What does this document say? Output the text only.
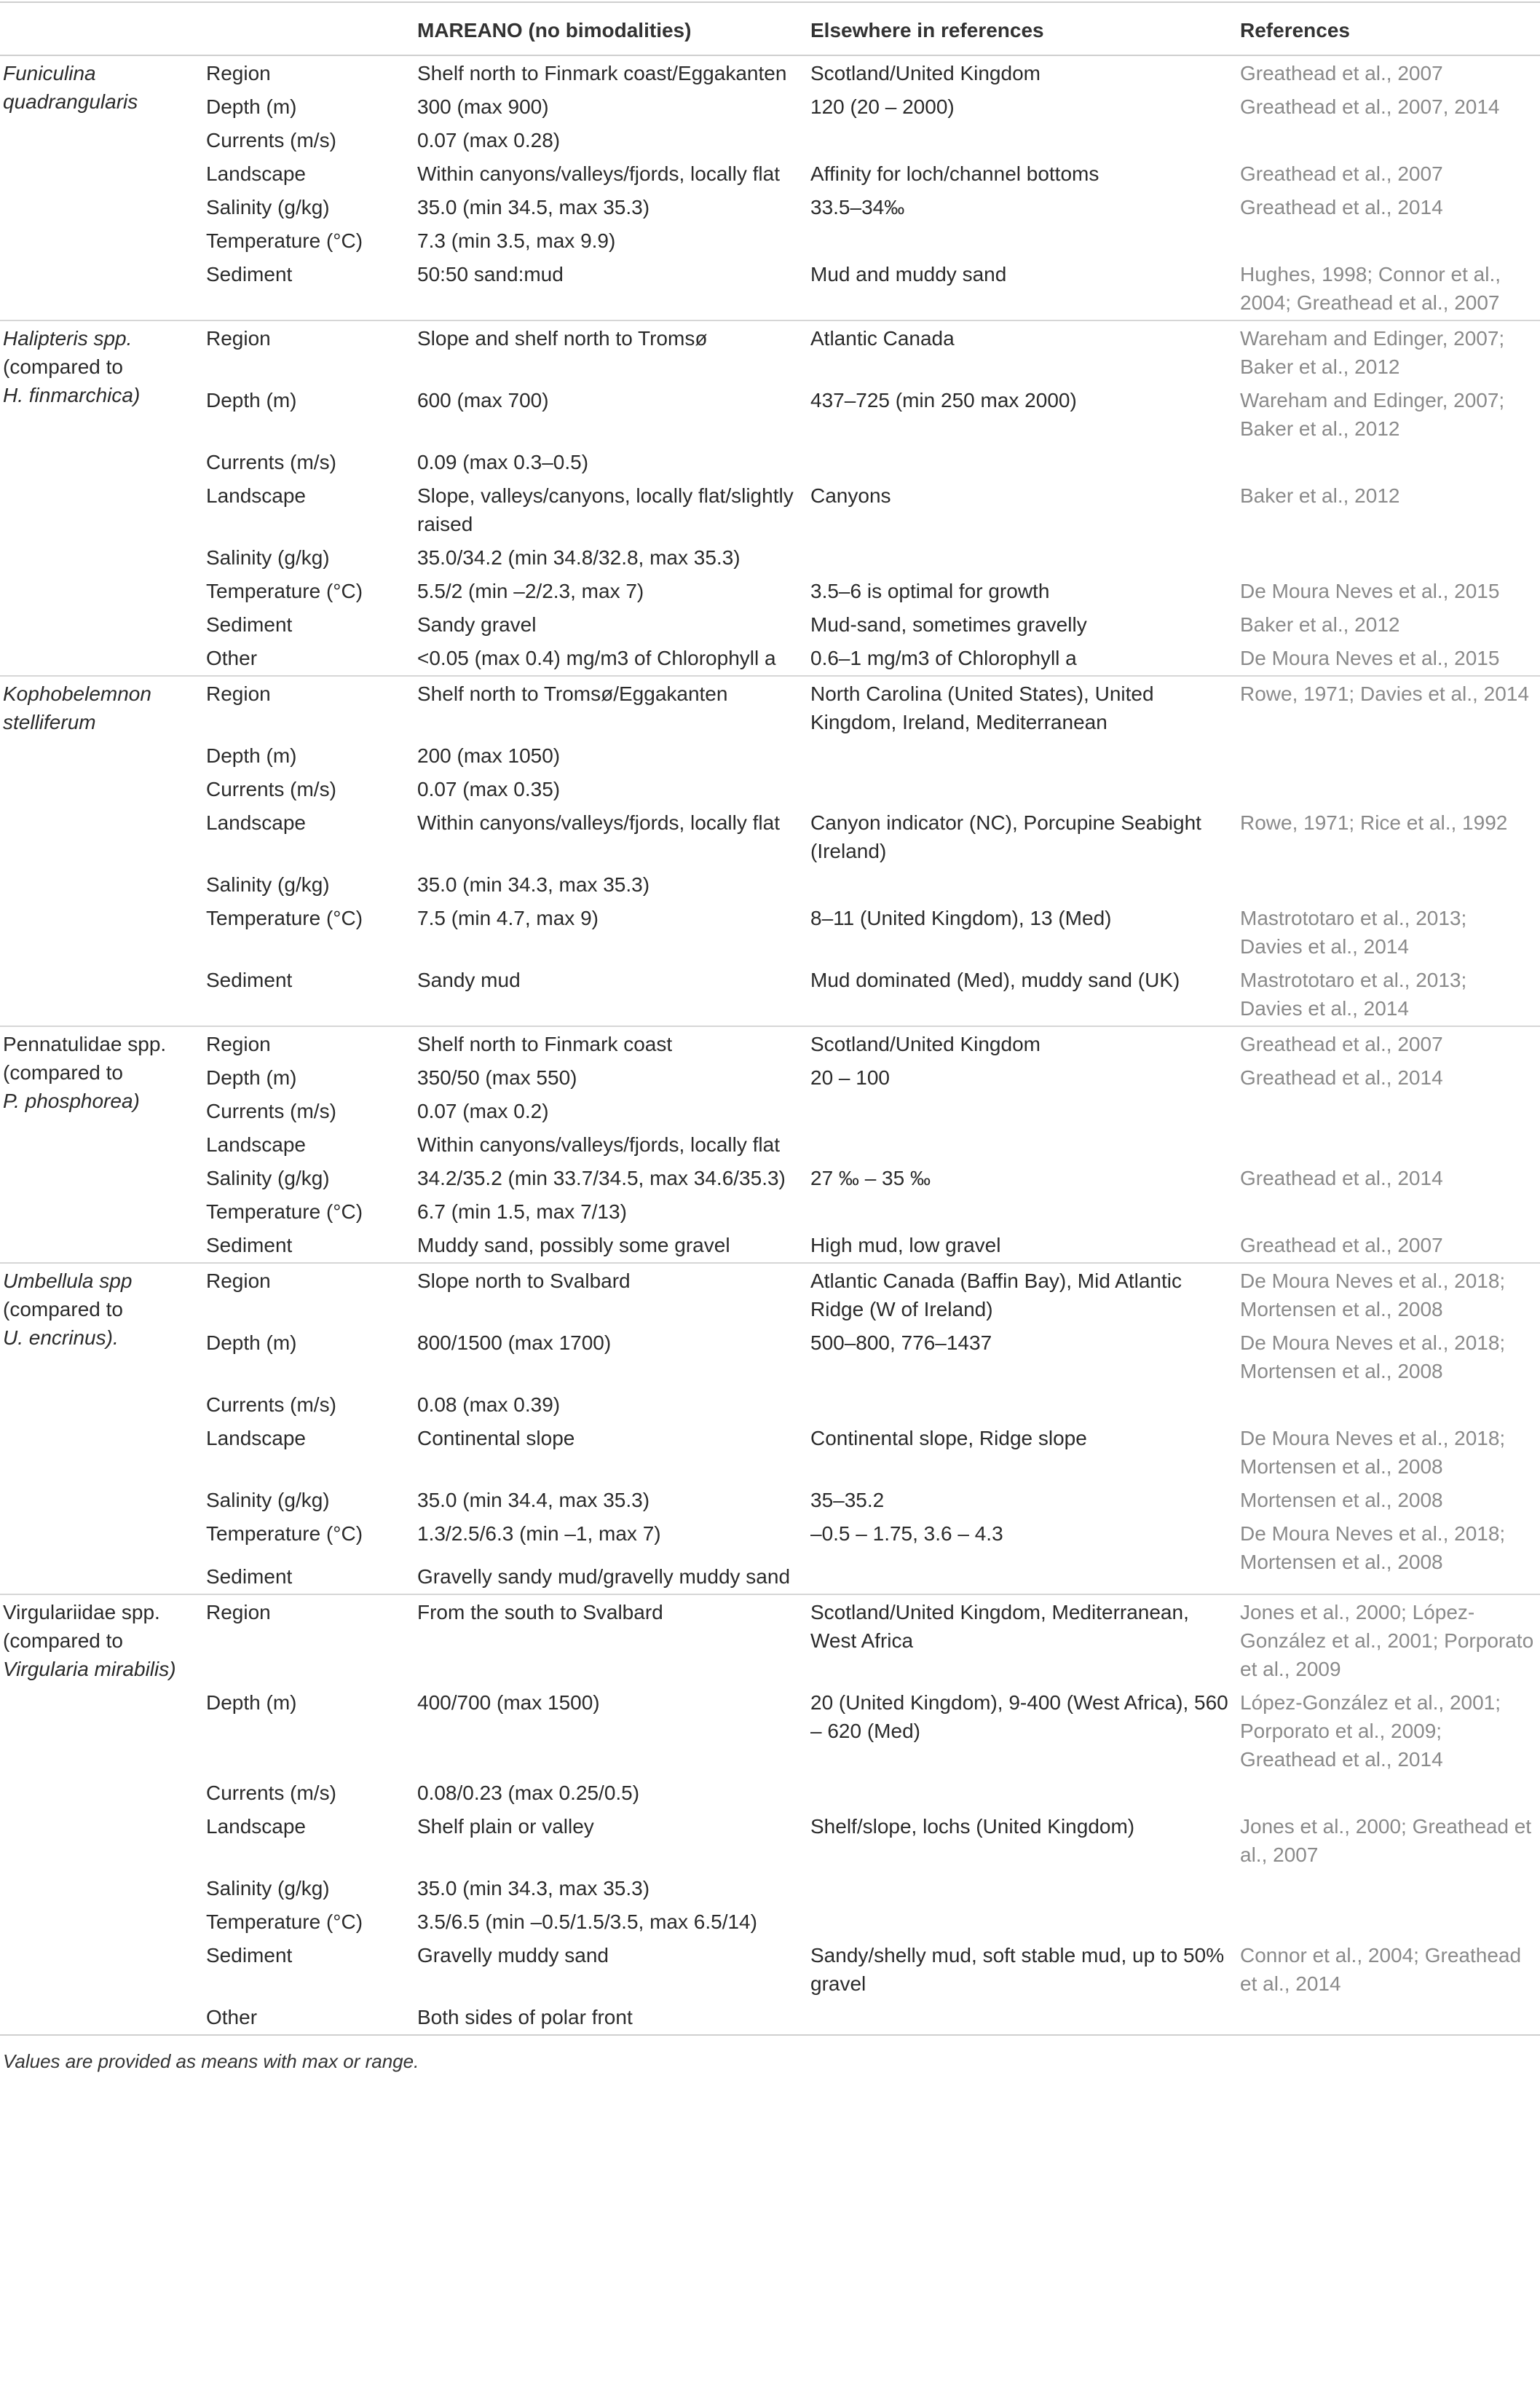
		MAREANO (no bimodalities)	Elsewhere in references	References
Funiculina quadrangularis	Region	Shelf north to Finmark coast/Eggakanten	Scotland/United Kingdom	Greathead et al., 2007
	Depth (m)	300 (max 900)	120 (20 – 2000)	Greathead et al., 2007, 2014
	Currents (m/s)	0.07 (max 0.28)		
	Landscape	Within canyons/valleys/fjords, locally flat	Affinity for loch/channel bottoms	Greathead et al., 2007
	Salinity (g/kg)	35.0 (min 34.5, max 35.3)	33.5–34‰	Greathead et al., 2014
	Temperature (°C)	7.3 (min 3.5, max 9.9)		
	Sediment	50:50 sand:mud	Mud and muddy sand	Hughes, 1998; Connor et al., 2004; Greathead et al., 2007
Halipteris spp.
(compared to
H. finmarchica)	Region	Slope and shelf north to Tromsø	Atlantic Canada	Wareham and Edinger, 2007; Baker et al., 2012
	Depth (m)	600 (max 700)	437–725 (min 250 max 2000)	Wareham and Edinger, 2007; Baker et al., 2012
	Currents (m/s)	0.09 (max 0.3–0.5)		
	Landscape	Slope, valleys/canyons, locally flat/slightly raised	Canyons	Baker et al., 2012
	Salinity (g/kg)	35.0/34.2 (min 34.8/32.8, max 35.3)		
	Temperature (°C)	5.5/2 (min –2/2.3, max 7)	3.5–6 is optimal for growth	De Moura Neves et al., 2015
	Sediment	Sandy gravel	Mud-sand, sometimes gravelly	Baker et al., 2012
	Other	<0.05 (max 0.4) mg/m3 of Chlorophyll a	0.6–1 mg/m3 of Chlorophyll a	De Moura Neves et al., 2015
Kophobelemnon stelliferum	Region	Shelf north to Tromsø/Eggakanten	North Carolina (United States), United Kingdom, Ireland, Mediterranean	Rowe, 1971; Davies et al., 2014
	Depth (m)	200 (max 1050)		
	Currents (m/s)	0.07 (max 0.35)		
	Landscape	Within canyons/valleys/fjords, locally flat	Canyon indicator (NC), Porcupine Seabight (Ireland)	Rowe, 1971; Rice et al., 1992
	Salinity (g/kg)	35.0 (min 34.3, max 35.3)		
	Temperature (°C)	7.5 (min 4.7, max 9)	8–11 (United Kingdom), 13 (Med)	Mastrototaro et al., 2013; Davies et al., 2014
	Sediment	Sandy mud	Mud dominated (Med), muddy sand (UK)	Mastrototaro et al., 2013; Davies et al., 2014
Pennatulidae spp.
(compared to
P. phosphorea)	Region	Shelf north to Finmark coast	Scotland/United Kingdom	Greathead et al., 2007
	Depth (m)	350/50 (max 550)	20 – 100	Greathead et al., 2014
	Currents (m/s)	0.07 (max 0.2)		
	Landscape	Within canyons/valleys/fjords, locally flat		
	Salinity (g/kg)	34.2/35.2 (min 33.7/34.5, max 34.6/35.3)	27 ‰ – 35 ‰	Greathead et al., 2014
	Temperature (°C)	6.7 (min 1.5, max 7/13)		
	Sediment	Muddy sand, possibly some gravel	High mud, low gravel	Greathead et al., 2007
Umbellula spp
(compared to
U. encrinus).	Region	Slope north to Svalbard	Atlantic Canada (Baffin Bay), Mid Atlantic Ridge (W of Ireland)	De Moura Neves et al., 2018; Mortensen et al., 2008
	Depth (m)	800/1500 (max 1700)	500–800, 776–1437	De Moura Neves et al., 2018; Mortensen et al., 2008
	Currents (m/s)	0.08 (max 0.39)		
	Landscape	Continental slope	Continental slope, Ridge slope	De Moura Neves et al., 2018; Mortensen et al., 2008
	Salinity (g/kg)	35.0 (min 34.4, max 35.3)	35–35.2	Mortensen et al., 2008
	Temperature (°C)	1.3/2.5/6.3 (min –1, max 7)	–0.5 – 1.75, 3.6 – 4.3	De Moura Neves et al., 2018; Mortensen et al., 2008

	Sediment	Gravelly sandy mud/gravelly muddy sand		
Virgulariidae spp.
(compared to
Virgularia mirabilis)	Region	From the south to Svalbard	Scotland/United Kingdom, Mediterranean, West Africa	Jones et al., 2000; López-González et al., 2001; Porporato et al., 2009
	Depth (m)	400/700 (max 1500)	20 (United Kingdom), 9-400 (West Africa), 560 – 620 (Med)	López-González et al., 2001; Porporato et al., 2009; Greathead et al., 2014
	Currents (m/s)	0.08/0.23 (max 0.25/0.5)		
	Landscape	Shelf plain or valley	Shelf/slope, lochs (United Kingdom)	Jones et al., 2000; Greathead et al., 2007
	Salinity (g/kg)	35.0 (min 34.3, max 35.3)		
	Temperature (°C)	3.5/6.5 (min –0.5/1.5/3.5, max 6.5/14)		
	Sediment	Gravelly muddy sand	Sandy/shelly mud, soft stable mud, up to 50% gravel	Connor et al., 2004; Greathead et al., 2014
	Other	Both sides of polar front		
Values are provided as means with max or range.				
